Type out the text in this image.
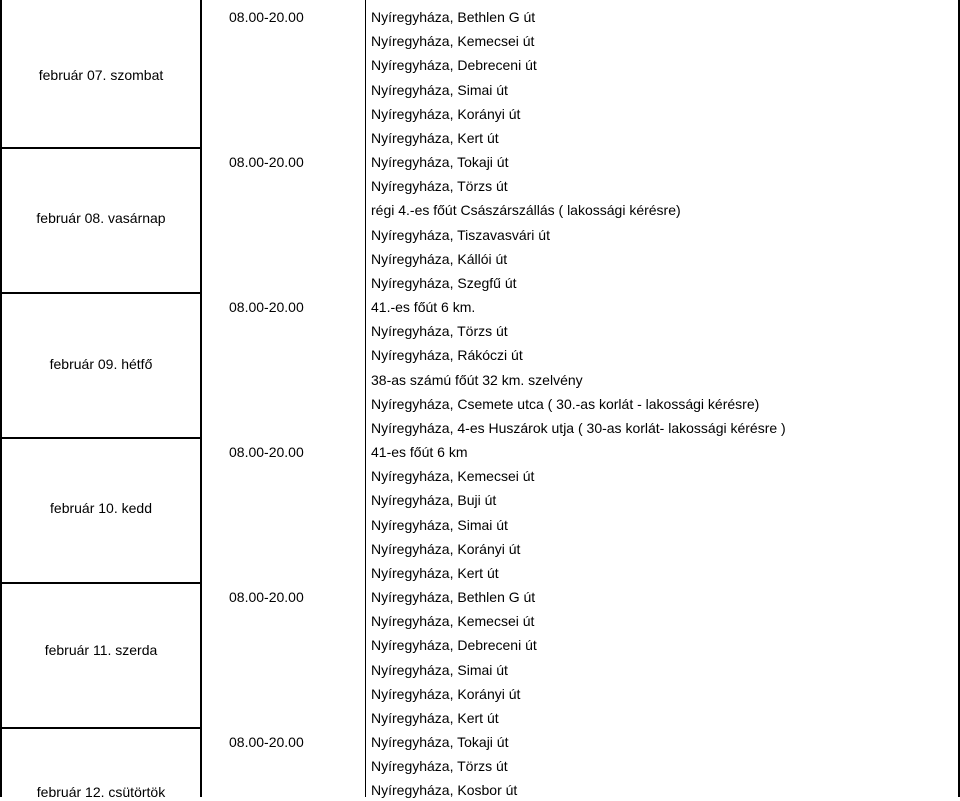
február 07. szombat
08.00-20.00	Nyíregyháza, Bethlen G út
Nyíregyháza, Kemecsei út
Nyíregyháza, Debreceni út
Nyíregyháza, Simai út
Nyíregyháza, Korányi út
Nyíregyháza, Kert út
február 08. vasárnap
08.00-20.00	Nyíregyháza, Tokaji út
Nyíregyháza, Törzs út
régi 4.-es főút Császárszállás ( lakossági kérésre)
Nyíregyháza, Tiszavasvári út
Nyíregyháza, Kállói út
Nyíregyháza, Szegfű út
február 09. hétfő
08.00-20.00	41.-es főút 6 km.
Nyíregyháza, Törzs út
Nyíregyháza, Rákóczi út
38-as számú főút 32 km. szelvény
Nyíregyháza, Csemete utca ( 30.-as korlát - lakossági kérésre)
Nyíregyháza, 4-es Huszárok utja ( 30-as korlát- lakossági kérésre )
február 10. kedd
08.00-20.00	41-es főút 6 km
Nyíregyháza, Kemecsei út
Nyíregyháza, Buji út
Nyíregyháza, Simai út
Nyíregyháza, Korányi út
Nyíregyháza, Kert út
február 11. szerda
08.00-20.00	Nyíregyháza, Bethlen G út
Nyíregyháza, Kemecsei út
Nyíregyháza, Debreceni út
Nyíregyháza, Simai út
Nyíregyháza, Korányi út
Nyíregyháza, Kert út
február 12. csütörtök
08.00-20.00	Nyíregyháza, Tokaji út
Nyíregyháza, Törzs út
Nyíregyháza, Kosbor út
